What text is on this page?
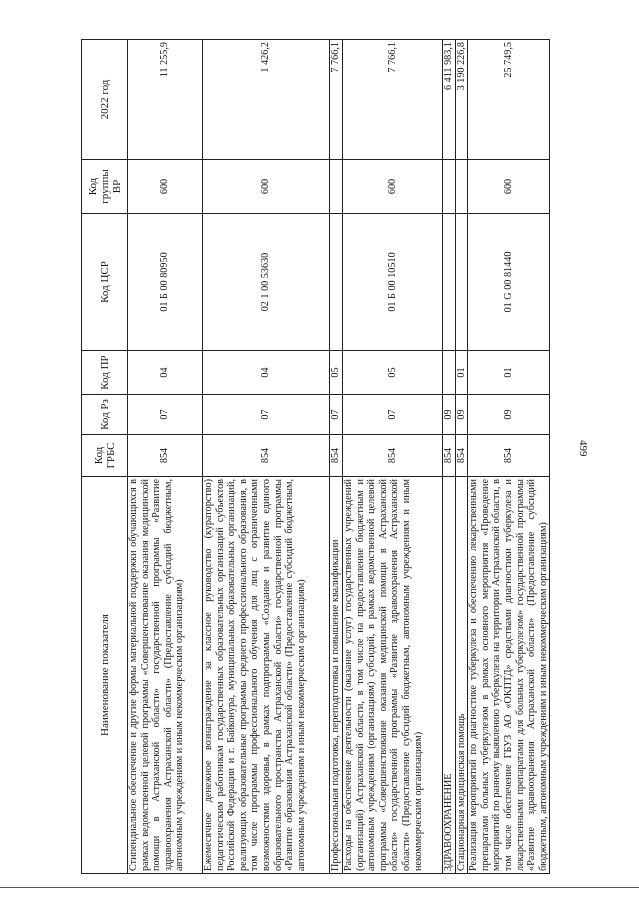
499
Наименование показателя	Код ГРБС	Код Рз	Код ПР	Код ЦСР	Код группы ВР	2022 год
Стипендиальное обеспечение и другие формы материальной поддержки обучающихся в рамках ведомственной целевой программы «Совершенствование оказания медицинской помощи в Астраханской области» государственной программы «Развитие здравоохранения Астраханской области» (Предоставление субсидий бюджетным, автономным учреждениям и иным некоммерческим организациям)	854	07	04	01 Б 00 80950	600	11 255,9
Ежемесячное денежное вознаграждение за классное руководство (кураторство) педагогическим работникам государственных образовательных организаций субъектов Российской Федерации и г. Байконура, муниципальных образовательных организаций, реализующих образовательные программы среднего профессионального образования, в том числе программы профессионального обучения для лиц с ограниченными возможностями здоровья, в рамках подпрограммы «Создание и развитие единого образовательного пространства Астраханской области» государственной программы «Развитие образования Астраханской области» (Предоставление субсидий бюджетным, автономным учреждениям и иным некоммерческим организациям)	854	07	04	02 1 00 53630	600	1 426,2
Профессиональная подготовка, переподготовка и повышение квалификации	854	07	05			7 766,1
Расходы на обеспечение деятельности (оказание услуг) государственных учреждений (организаций) Астраханской области, в том числе на предоставление бюджетным и автономным учреждениям (организациям) субсидий, в рамках ведомственной целевой программы «Совершенствование оказания медицинской помощи в Астраханской области» государственной программы «Развитие здравоохранения Астраханской области» (Предоставление субсидий бюджетным, автономным учреждениям и иным некоммерческим организациям)	854	07	05	01 Б 00 10510	600	7 766,1
ЗДРАВООХРАНЕНИЕ	854	09				6 411 983,1
Стационарная медицинская помощь	854	09	01			3 190 226,8
Реализация мероприятий по диагностике туберкулеза и обеспечению лекарственными препаратами больных туберкулезом в рамках основного мероприятия «Проведение мероприятий по раннему выявлению туберкулеза на территории Астраханской области, в том числе обеспечение ГБУЗ АО «ОКПТД» средствами диагностики туберкулеза и лекарственными препаратами для больных туберкулезом» государственной программы «Развитие здравоохранения Астраханской области» (Предоставление субсидий бюджетным, автономным учреждениям и иным некоммерческим организациям)	854	09	01	01 G 00 81440	600	25 749,5
